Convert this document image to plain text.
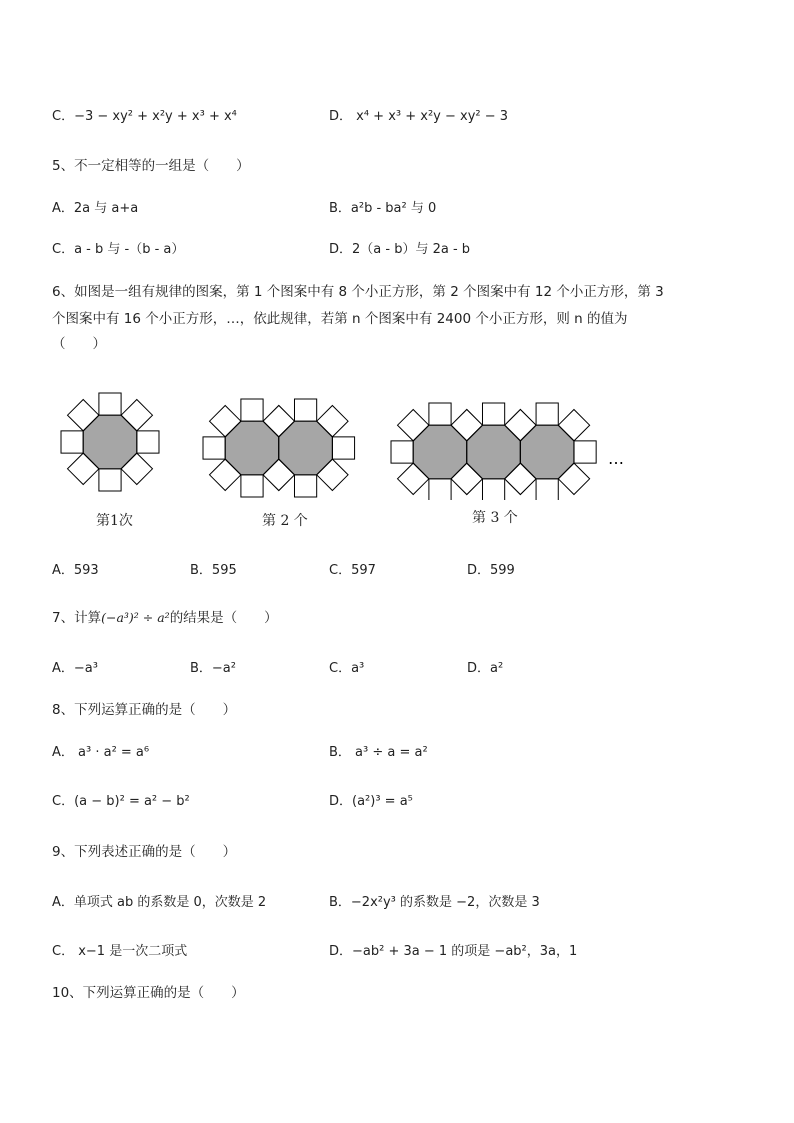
C．−3 − xy² + x²y + x³ + x⁴	D． x⁴ + x³ + x²y − xy² − 3
5、不一定相等的一组是（　　）
A．2a 与 a+a	B．a²b - ba² 与 0
C．a - b 与 -（b - a）	D．2（a - b）与 2a - b
6、如图是一组有规律的图案，第 1 个图案中有 8 个小正方形，第 2 个图案中有 12 个小正方形，第 3
个图案中有 16 个小正方形，…，依此规律，若第 n 个图案中有 2400 个小正方形，则 n 的值为
（　　）
…
第1次	第 2 个	第 3 个
A．593	B．595	C．597	D．599
7、计算(−a³)² ÷ a²的结果是（　　）
A．−a³	B．−a²	C．a³	D．a²
8、下列运算正确的是（　　）
A． a³ · a² = a⁶	B． a³ ÷ a = a²
C．(a − b)² = a² − b²	D．(a²)³ = a⁵
9、下列表述正确的是（　　）
A．单项式 ab 的系数是 0，次数是 2	B．−2x²y³ 的系数是 −2，次数是 3
C． x−1 是一次二项式	D．−ab² + 3a − 1 的项是 −ab²，3a，1
10、下列运算正确的是（　　）
